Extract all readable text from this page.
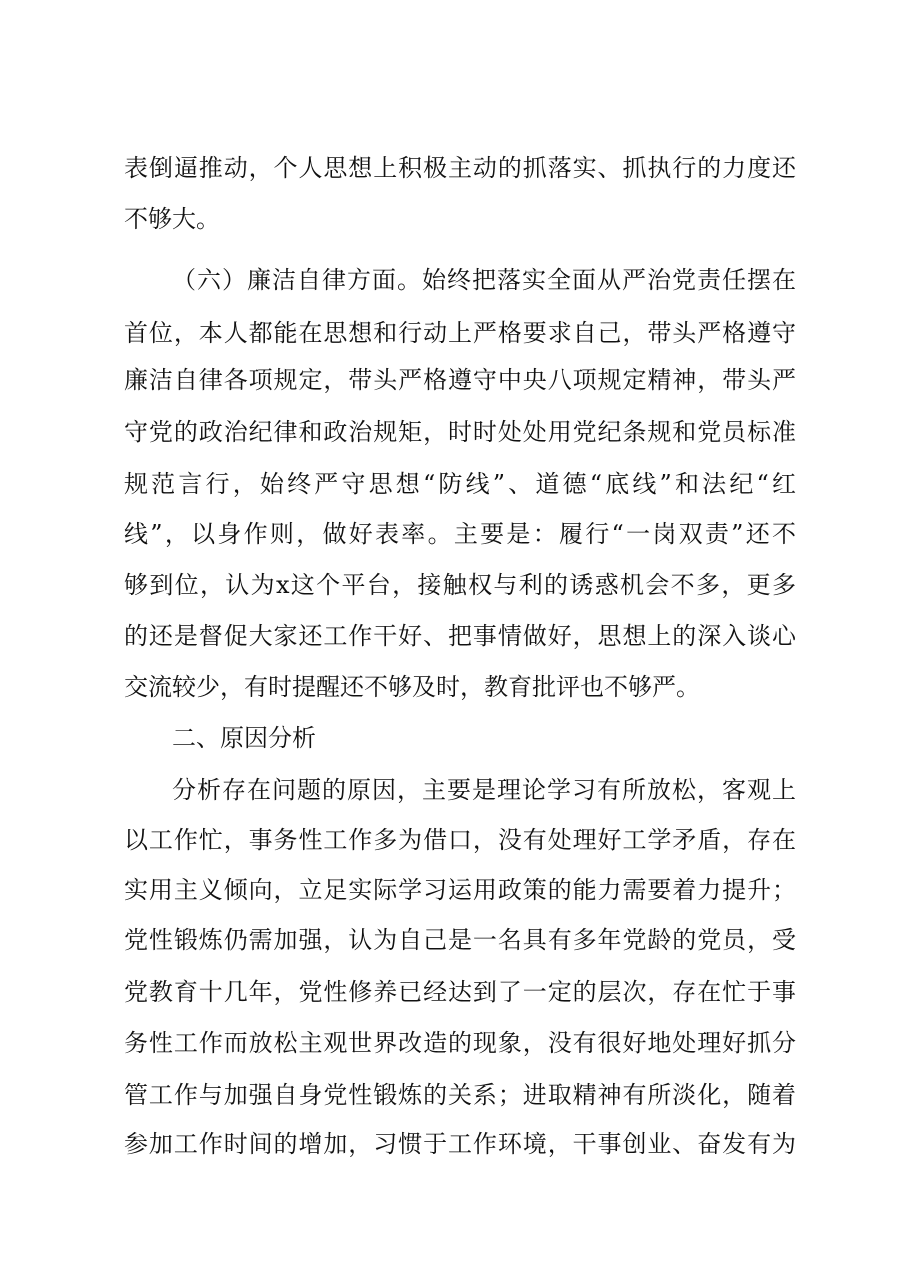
表倒逼推动，个人思想上积极主动的抓落实、抓执行的力度还
不够大。
（六）廉洁自律方面。始终把落实全面从严治党责任摆在
首位，本人都能在思想和行动上严格要求自己，带头严格遵守
廉洁自律各项规定，带头严格遵守中央八项规定精神，带头严
守党的政治纪律和政治规矩，时时处处用党纪条规和党员标准
规范言行，始终严守思想“防线”、道德“底线”和法纪“红
线”，以身作则，做好表率。主要是：履行“一岗双责”还不
够到位，认为x这个平台，接触权与利的诱惑机会不多，更多
的还是督促大家还工作干好、把事情做好，思想上的深入谈心
交流较少，有时提醒还不够及时，教育批评也不够严。
二、原因分析
分析存在问题的原因，主要是理论学习有所放松，客观上
以工作忙，事务性工作多为借口，没有处理好工学矛盾，存在
实用主义倾向，立足实际学习运用政策的能力需要着力提升；
党性锻炼仍需加强，认为自己是一名具有多年党龄的党员，受
党教育十几年，党性修养已经达到了一定的层次，存在忙于事
务性工作而放松主观世界改造的现象，没有很好地处理好抓分
管工作与加强自身党性锻炼的关系；进取精神有所淡化，随着
参加工作时间的增加，习惯于工作环境，干事创业、奋发有为
